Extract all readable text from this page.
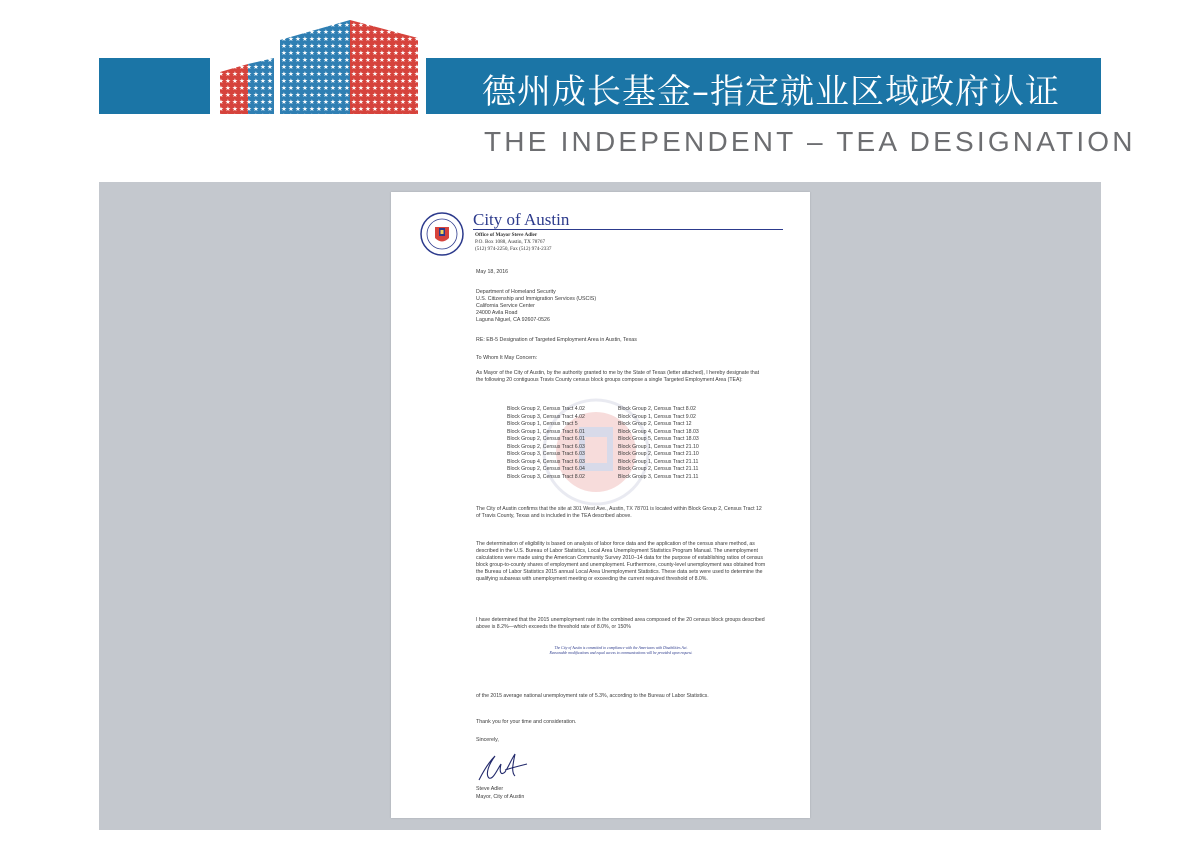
德州成长基金–指定就业区域政府认证
THE INDEPENDENT – TEA DESIGNATION
City of Austin
Office of Mayor Steve Adler
P.O. Box 1088, Austin, TX 78767
(512) 974-2250, Fax (512) 974-2337
May 18, 2016
Department of Homeland Security
U.S. Citizenship and Immigration Services (USCIS)
California Service Center
24000 Avila Road
Laguna Niguel, CA 92607-0526
RE: EB-5 Designation of Targeted Employment Area in Austin, Texas
To Whom It May Concern:
As Mayor of the City of Austin, by the authority granted to me by the State of Texas (letter attached), I hereby designate that the following 20 contiguous Travis County census block groups compose a single Targeted Employment Area (TEA):
Block Group 2, Census Tract 4.02	Block Group 2, Census Tract 8.02
Block Group 3, Census Tract 4.02	Block Group 1, Census Tract 9.02
Block Group 1, Census Tract 5	Block Group 2, Census Tract 12
Block Group 1, Census Tract 6.01	Block Group 4, Census Tract 18.03
Block Group 2, Census Tract 6.01	Block Group 5, Census Tract 18.03
Block Group 2, Census Tract 6.03	Block Group 1, Census Tract 21.10
Block Group 3, Census Tract 6.03	Block Group 2, Census Tract 21.10
Block Group 4, Census Tract 6.03	Block Group 1, Census Tract 21.11
Block Group 2, Census Tract 6.04	Block Group 2, Census Tract 21.11
Block Group 3, Census Tract 8.02	Block Group 3, Census Tract 21.11
The City of Austin confirms that the site at 301 West Ave., Austin, TX 78701 is located within Block Group 2, Census Tract 12 of Travis County, Texas and is included in the TEA described above.
The determination of eligibility is based on analysis of labor force data and the application of the census share method, as described in the U.S. Bureau of Labor Statistics, Local Area Unemployment Statistics Program Manual. The unemployment calculations were made using the American Community Survey 2010–14 data for the purpose of establishing ratios of census block group-to-county shares of employment and unemployment. Furthermore, county-level unemployment was obtained from the Bureau of Labor Statistics 2015 annual Local Area Unemployment Statistics. These data sets were used to determine the qualifying subareas with unemployment meeting or exceeding the current required threshold of 8.0%.
I have determined that the 2015 unemployment rate in the combined area composed of the 20 census block groups described above is 8.2%—which exceeds the threshold rate of 8.0%, or 150%
The City of Austin is committed to compliance with the Americans with Disabilities Act.
Reasonable modifications and equal access to communications will be provided upon request.
of the 2015 average national unemployment rate of 5.3%, according to the Bureau of Labor Statistics.
Thank you for your time and consideration.
Sincerely,
Steve Adler
Mayor, City of Austin
